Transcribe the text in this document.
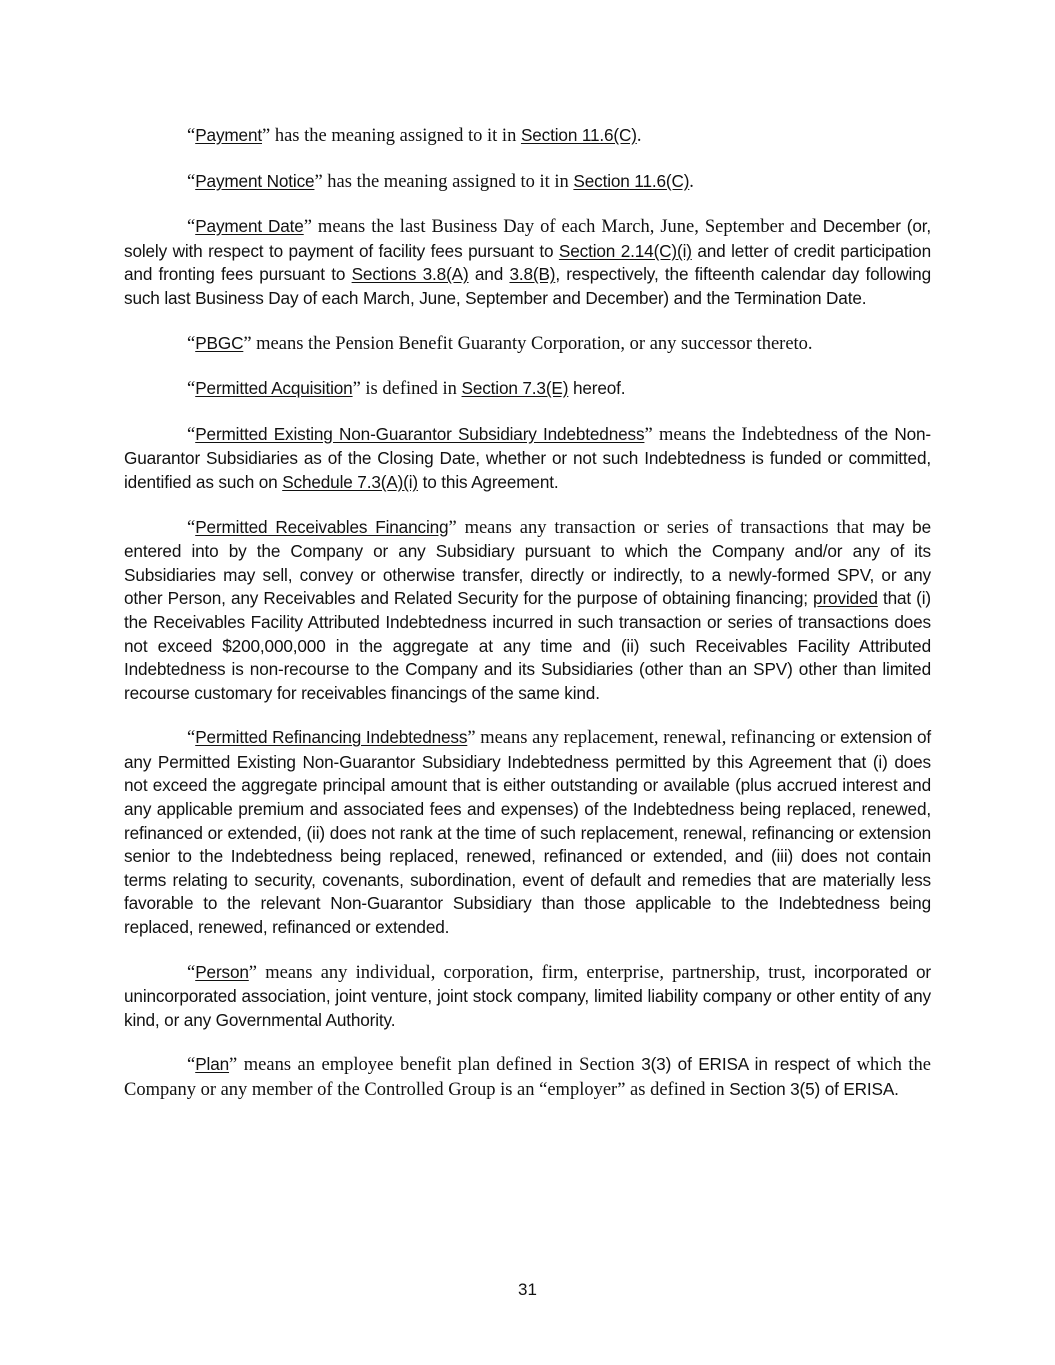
“Payment” has the meaning assigned to it in Section 11.6(C).

“Payment Notice” has the meaning assigned to it in Section 11.6(C).

“Payment Date” means the last Business Day of each March, June, September and December (or, solely with respect to payment of facility fees pursuant to Section 2.14(C)(i) and letter of credit participation and fronting fees pursuant to Sections 3.8(A) and 3.8(B), respectively, the fifteenth calendar day following such last Business Day of each March, June, September and December) and the Termination Date.

“PBGC” means the Pension Benefit Guaranty Corporation, or any successor thereto.

“Permitted Acquisition” is defined in Section 7.3(E) hereof.

“Permitted Existing Non-Guarantor Subsidiary Indebtedness” means the Indebtedness of the Non-Guarantor Subsidiaries as of the Closing Date, whether or not such Indebtedness is funded or committed, identified as such on Schedule 7.3(A)(i) to this Agreement.

“Permitted Receivables Financing” means any transaction or series of transactions that may be entered into by the Company or any Subsidiary pursuant to which the Company and/or any of its Subsidiaries may sell, convey or otherwise transfer, directly or indirectly, to a newly-formed SPV, or any other Person, any Receivables and Related Security for the purpose of obtaining financing; provided that (i) the Receivables Facility Attributed Indebtedness incurred in such transaction or series of transactions does not exceed $200,000,000 in the aggregate at any time and (ii) such Receivables Facility Attributed Indebtedness is non-recourse to the Company and its Subsidiaries (other than an SPV) other than limited recourse customary for receivables financings of the same kind.

“Permitted Refinancing Indebtedness” means any replacement, renewal, refinancing or extension of any Permitted Existing Non-Guarantor Subsidiary Indebtedness permitted by this Agreement that (i) does not exceed the aggregate principal amount that is either outstanding or available (plus accrued interest and any applicable premium and associated fees and expenses) of the Indebtedness being replaced, renewed, refinanced or extended, (ii) does not rank at the time of such replacement, renewal, refinancing or extension senior to the Indebtedness being replaced, renewed, refinanced or extended, and (iii) does not contain terms relating to security, covenants, subordination, event of default and remedies that are materially less favorable to the relevant Non-Guarantor Subsidiary than those applicable to the Indebtedness being replaced, renewed, refinanced or extended.

“Person” means any individual, corporation, firm, enterprise, partnership, trust, incorporated or unincorporated association, joint venture, joint stock company, limited liability company or other entity of any kind, or any Governmental Authority.

“Plan” means an employee benefit plan defined in Section 3(3) of ERISA in respect of which the Company or any member of the Controlled Group is an “employer” as defined in Section 3(5) of ERISA.

31
